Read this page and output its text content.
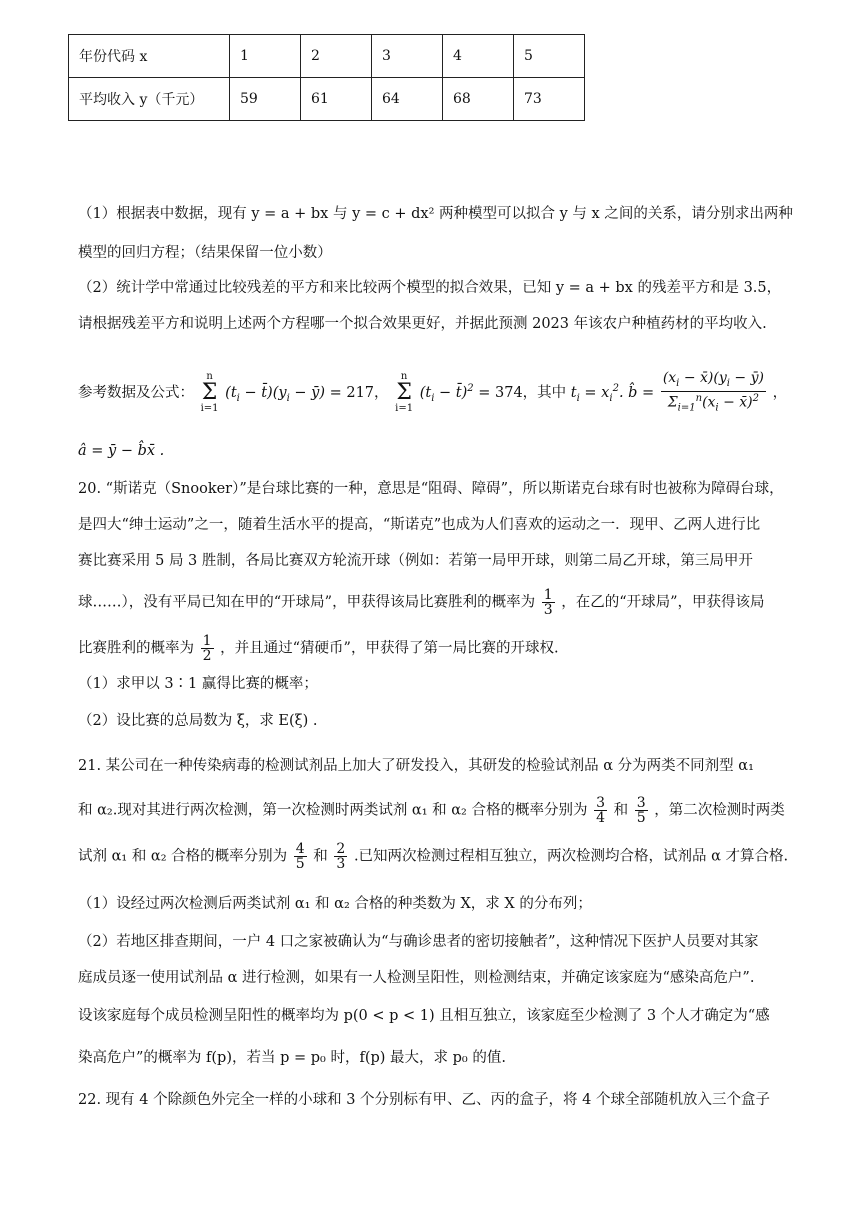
年份代码 x	1	2	3	4	5
平均收入 y（千元）	59	61	64	68	73
（1）根据表中数据，现有 y = a + bx 与 y = c + dx² 两种模型可以拟合 y 与 x 之间的关系，请分别求出两种
模型的回归方程；（结果保留一位小数）
（2）统计学中常通过比较残差的平方和来比较两个模型的拟合效果，已知 y = a + bx 的残差平方和是 3.5，
请根据残差平方和说明上述两个方程哪一个拟合效果更好，并据此预测 2023 年该农户种植药材的平均收入.
参考数据及公式： n
Σ
i=1 ($t_i$ − $t̄)(y_i$ − ȳ) = 217， n
Σ
i=1 ($t_i$ − t̄)$^2$ = 374，其中 $t_i = x_i^2$. b̂ = $\frac{(x_i - x̄)(y_i - ȳ)}{\Sigma_{i=1}^n(x_i - x̄)^2}$ ，
â = ȳ − b̂x̄ .
20. “斯诺克（Snooker）”是台球比赛的一种，意思是“阻碍、障碍”，所以斯诺克台球有时也被称为障碍台球，
是四大“绅士运动”之一，随着生活水平的提高，“斯诺克”也成为人们喜欢的运动之一．现甲、乙两人进行比
赛比赛采用 5 局 3 胜制，各局比赛双方轮流开球（例如：若第一局甲开球，则第二局乙开球，第三局甲开
球……），没有平局已知在甲的“开球局”，甲获得该局比赛胜利的概率为 $\frac{1}{3}$ ，在乙的“开球局”，甲获得该局
比赛胜利的概率为 $\frac{1}{2}$ ，并且通过“猜硬币”，甲获得了第一局比赛的开球权.
（1）求甲以 3∶1 赢得比赛的概率；
（2）设比赛的总局数为 ξ，求 E(ξ) .
21. 某公司在一种传染病毒的检测试剂品上加大了研发投入，其研发的检验试剂品 α 分为两类不同剂型 α₁
和 α₂.现对其进行两次检测，第一次检测时两类试剂 α₁ 和 α₂ 合格的概率分别为 $\frac{3}{4}$ 和 $\frac{3}{5}$ ，第二次检测时两类
试剂 α₁ 和 α₂ 合格的概率分别为 $\frac{4}{5}$ 和 $\frac{2}{3}$ .已知两次检测过程相互独立，两次检测均合格，试剂品 α 才算合格.
（1）设经过两次检测后两类试剂 α₁ 和 α₂ 合格的种类数为 X，求 X 的分布列；
（2）若地区排查期间，一户 4 口之家被确认为“与确诊患者的密切接触者”，这种情况下医护人员要对其家
庭成员逐一使用试剂品 α 进行检测，如果有一人检测呈阳性，则检测结束，并确定该家庭为“感染高危户”.
设该家庭每个成员检测呈阳性的概率均为 p(0 < p < 1) 且相互独立，该家庭至少检测了 3 个人才确定为“感
染高危户”的概率为 f(p)，若当 p = p₀ 时，f(p) 最大，求 p₀ 的值.
22. 现有 4 个除颜色外完全一样的小球和 3 个分别标有甲、乙、丙的盒子，将 4 个球全部随机放入三个盒子
